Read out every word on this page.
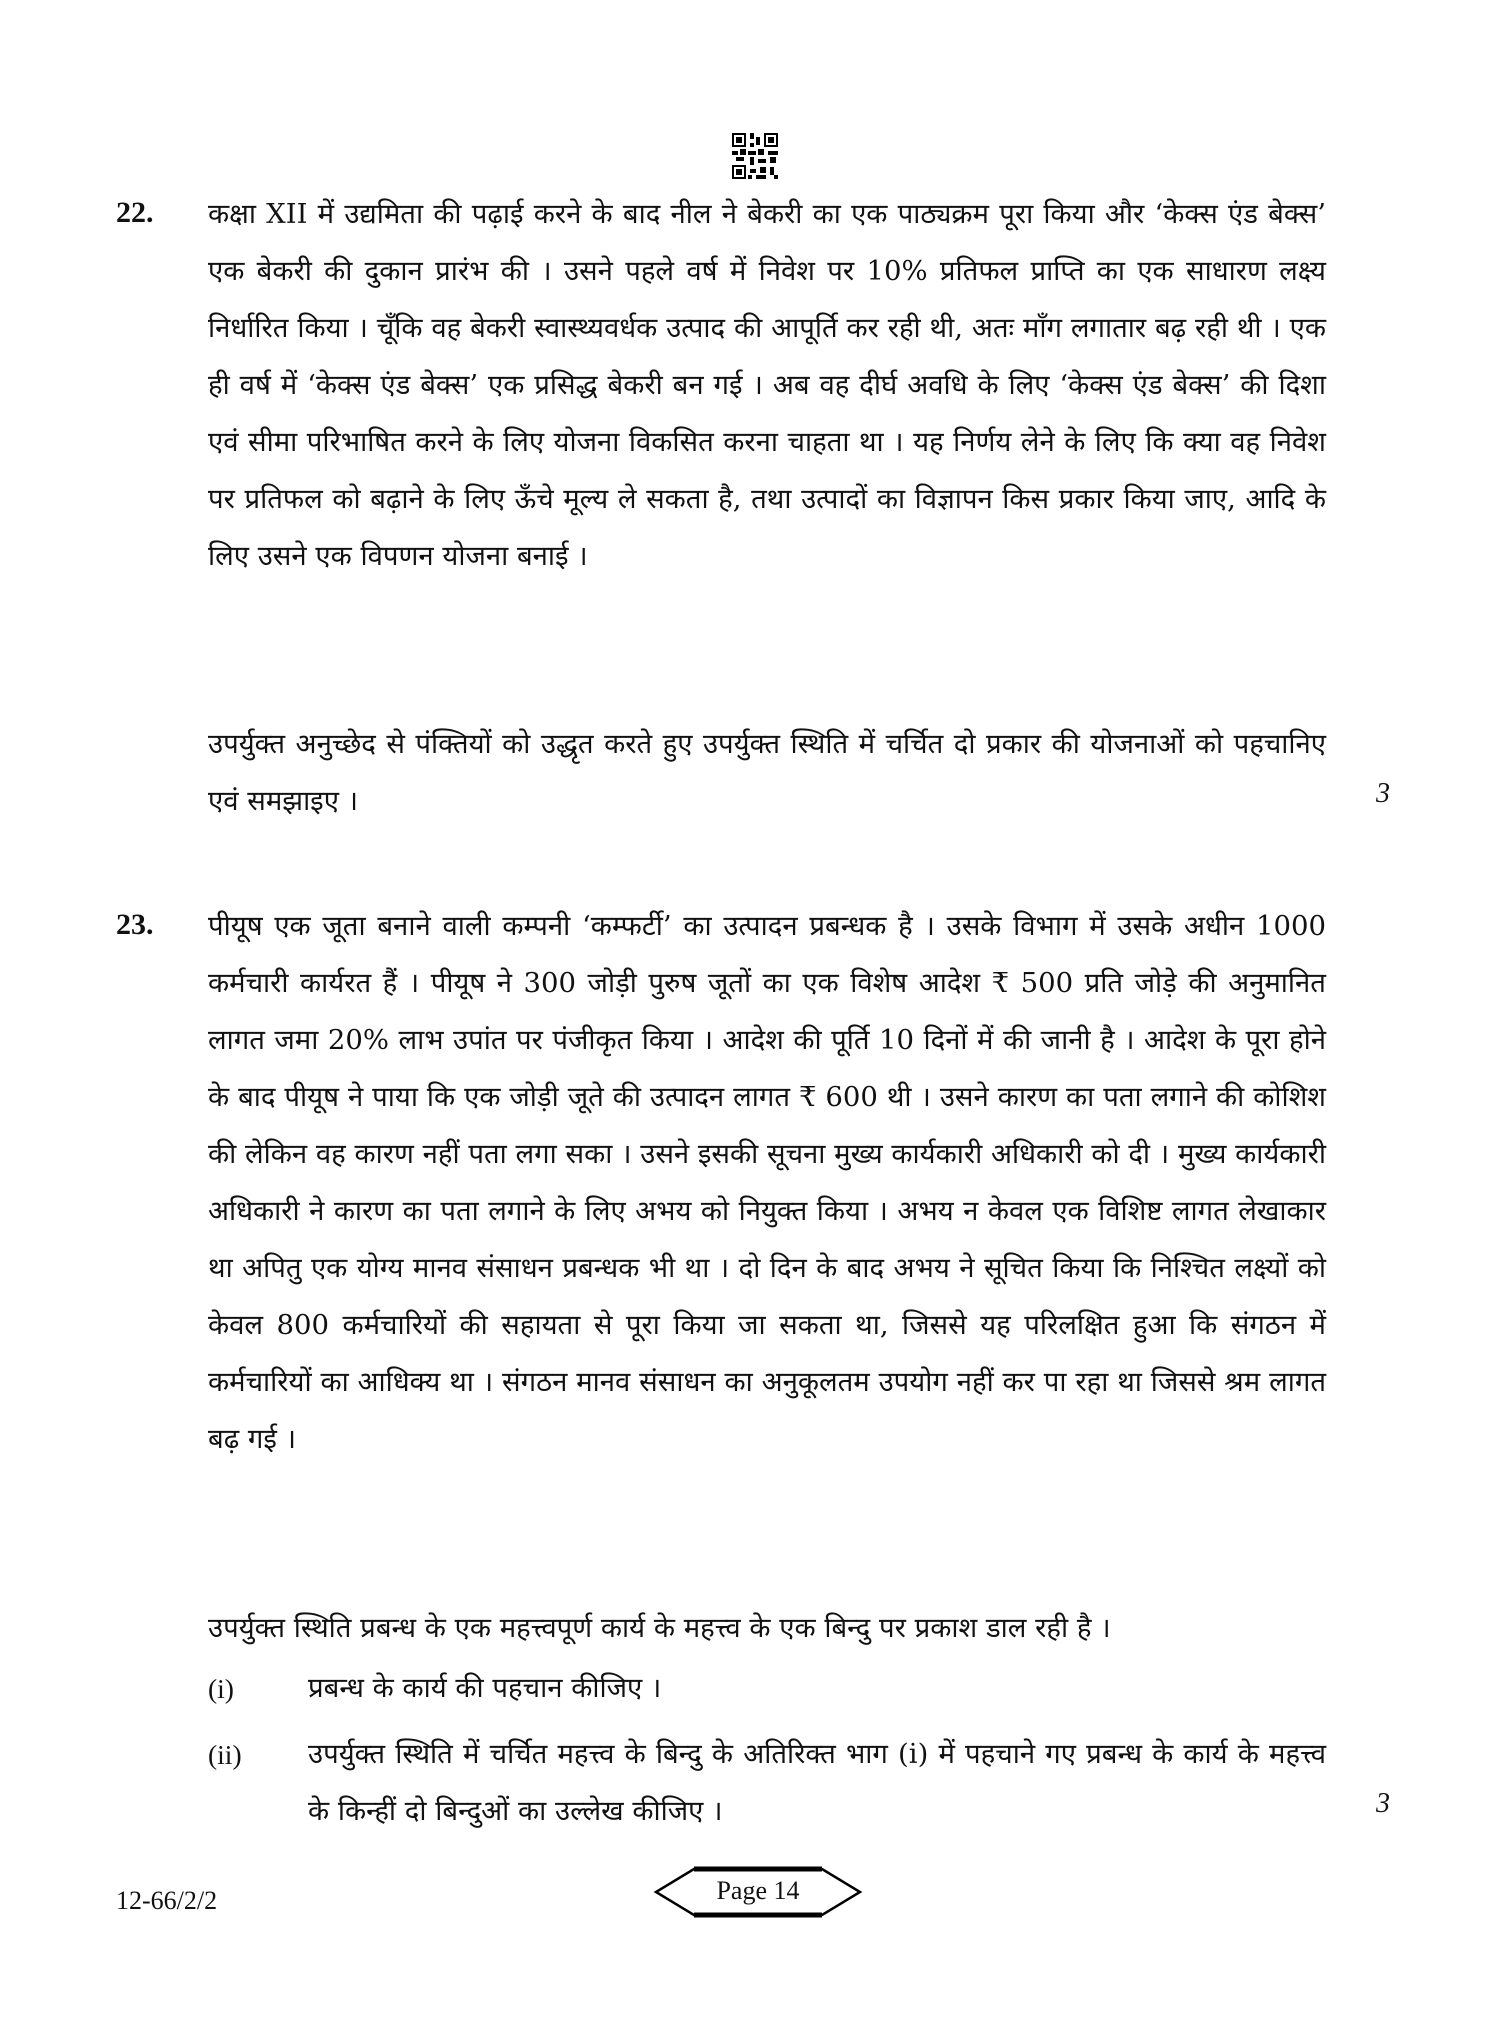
22. कक्षा XII में उद्यमिता की पढ़ाई करने के बाद नील ने बेकरी का एक पाठ्यक्रम पूरा किया और ‘केक्स एंड बेक्स’ एक बेकरी की दुकान प्रारंभ की । उसने पहले वर्ष में निवेश पर 10% प्रतिफल प्राप्ति का एक साधारण लक्ष्य निर्धारित किया । चूँकि वह बेकरी स्वास्थ्यवर्धक उत्पाद की आपूर्ति कर रही थी, अतः माँग लगातार बढ़ रही थी । एक ही वर्ष में ‘केक्स एंड बेक्स’ एक प्रसिद्ध बेकरी बन गई । अब वह दीर्घ अवधि के लिए ‘केक्स एंड बेक्स’ की दिशा एवं सीमा परिभाषित करने के लिए योजना विकसित करना चाहता था । यह निर्णय लेने के लिए कि क्या वह निवेश पर प्रतिफल को बढ़ाने के लिए ऊँचे मूल्य ले सकता है, तथा उत्पादों का विज्ञापन किस प्रकार किया जाए, आदि के लिए उसने एक विपणन योजना बनाई ।
उपर्युक्त अनुच्छेद से पंक्तियों को उद्धृत करते हुए उपर्युक्त स्थिति में चर्चित दो प्रकार की योजनाओं को पहचानिए एवं समझाइए ।	3
23. पीयूष एक जूता बनाने वाली कम्पनी ‘कम्फर्टी’ का उत्पादन प्रबन्धक है । उसके विभाग में उसके अधीन 1000 कर्मचारी कार्यरत हैं । पीयूष ने 300 जोड़ी पुरुष जूतों का एक विशेष आदेश ₹ 500 प्रति जोड़े की अनुमानित लागत जमा 20% लाभ उपांत पर पंजीकृत किया । आदेश की पूर्ति 10 दिनों में की जानी है । आदेश के पूरा होने के बाद पीयूष ने पाया कि एक जोड़ी जूते की उत्पादन लागत ₹ 600 थी । उसने कारण का पता लगाने की कोशिश की लेकिन वह कारण नहीं पता लगा सका । उसने इसकी सूचना मुख्य कार्यकारी अधिकारी को दी । मुख्य कार्यकारी अधिकारी ने कारण का पता लगाने के लिए अभय को नियुक्त किया । अभय न केवल एक विशिष्ट लागत लेखाकार था अपितु एक योग्य मानव संसाधन प्रबन्धक भी था । दो दिन के बाद अभय ने सूचित किया कि निश्चित लक्ष्यों को केवल 800 कर्मचारियों की सहायता से पूरा किया जा सकता था, जिससे यह परिलक्षित हुआ कि संगठन में कर्मचारियों का आधिक्य था । संगठन मानव संसाधन का अनुकूलतम उपयोग नहीं कर पा रहा था जिससे श्रम लागत बढ़ गई ।
उपर्युक्त स्थिति प्रबन्ध के एक महत्त्वपूर्ण कार्य के महत्त्व के एक बिन्दु पर प्रकाश डाल रही है ।
(i)	प्रबन्ध के कार्य की पहचान कीजिए ।
(ii)	उपर्युक्त स्थिति में चर्चित महत्त्व के बिन्दु के अतिरिक्त भाग (i) में पहचाने गए प्रबन्ध के कार्य के महत्त्व के किन्हीं दो बिन्दुओं का उल्लेख कीजिए ।	3
12-66/2/2	Page 14
